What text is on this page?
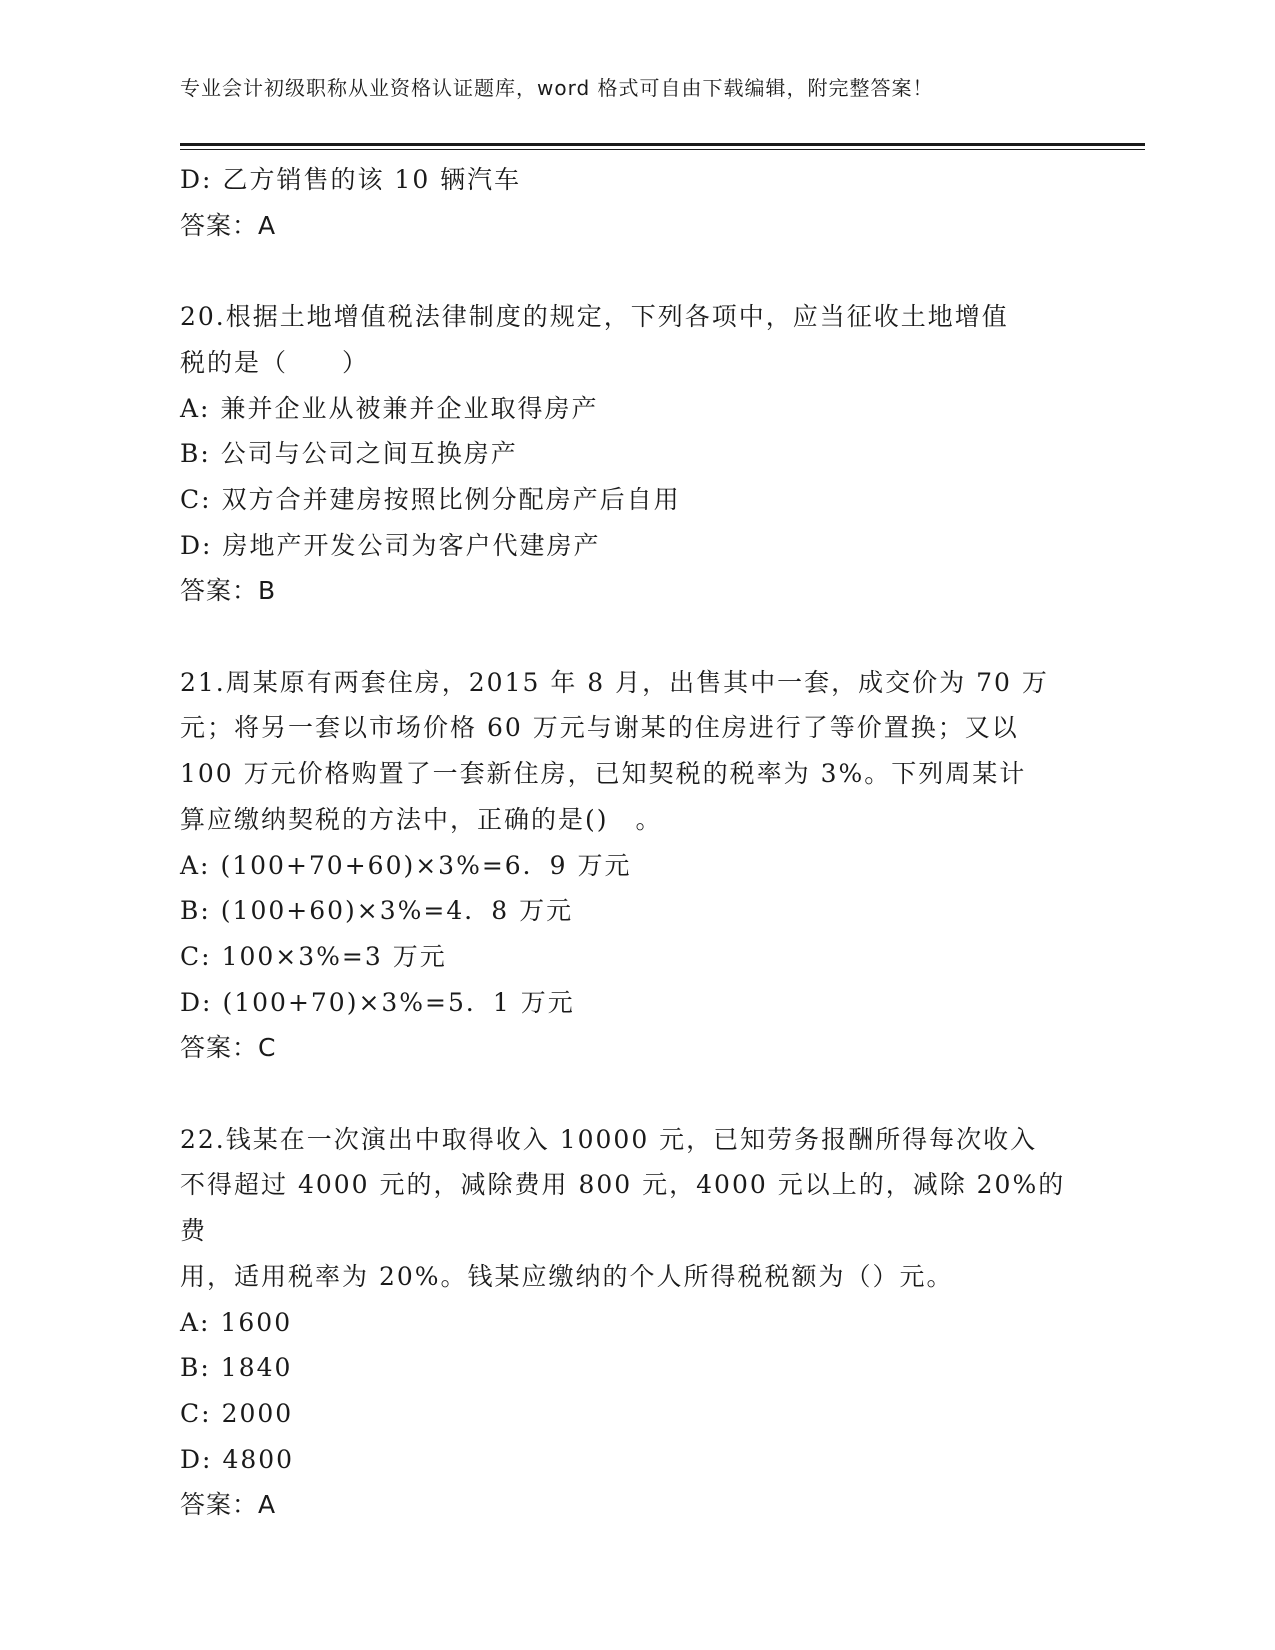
专业会计初级职称从业资格认证题库，word 格式可自由下载编辑，附完整答案！
D: 乙方销售的该 10 辆汽车
答案：A
20.根据土地增值税法律制度的规定，下列各项中，应当征收土地增值
税的是（　　）
A: 兼并企业从被兼并企业取得房产
B: 公司与公司之间互换房产
C: 双方合并建房按照比例分配房产后自用
D: 房地产开发公司为客户代建房产
答案：B
21.周某原有两套住房，2015 年 8 月，出售其中一套，成交价为 70 万
元；将另一套以市场价格 60 万元与谢某的住房进行了等价置换；又以
100 万元价格购置了一套新住房，已知契税的税率为 3%。下列周某计
算应缴纳契税的方法中，正确的是()　。
A: (100+70+60)×3%=6．9 万元
B: (100+60)×3%=4．8 万元
C: 100×3%=3 万元
D: (100+70)×3%=5．1 万元
答案：C
22.钱某在一次演出中取得收入 10000 元，已知劳务报酬所得每次收入
不得超过 4000 元的，减除费用 800 元，4000 元以上的，减除 20%的费
用，适用税率为 20%。钱某应缴纳的个人所得税税额为（）元。
A: 1600
B: 1840
C: 2000
D: 4800
答案：A
